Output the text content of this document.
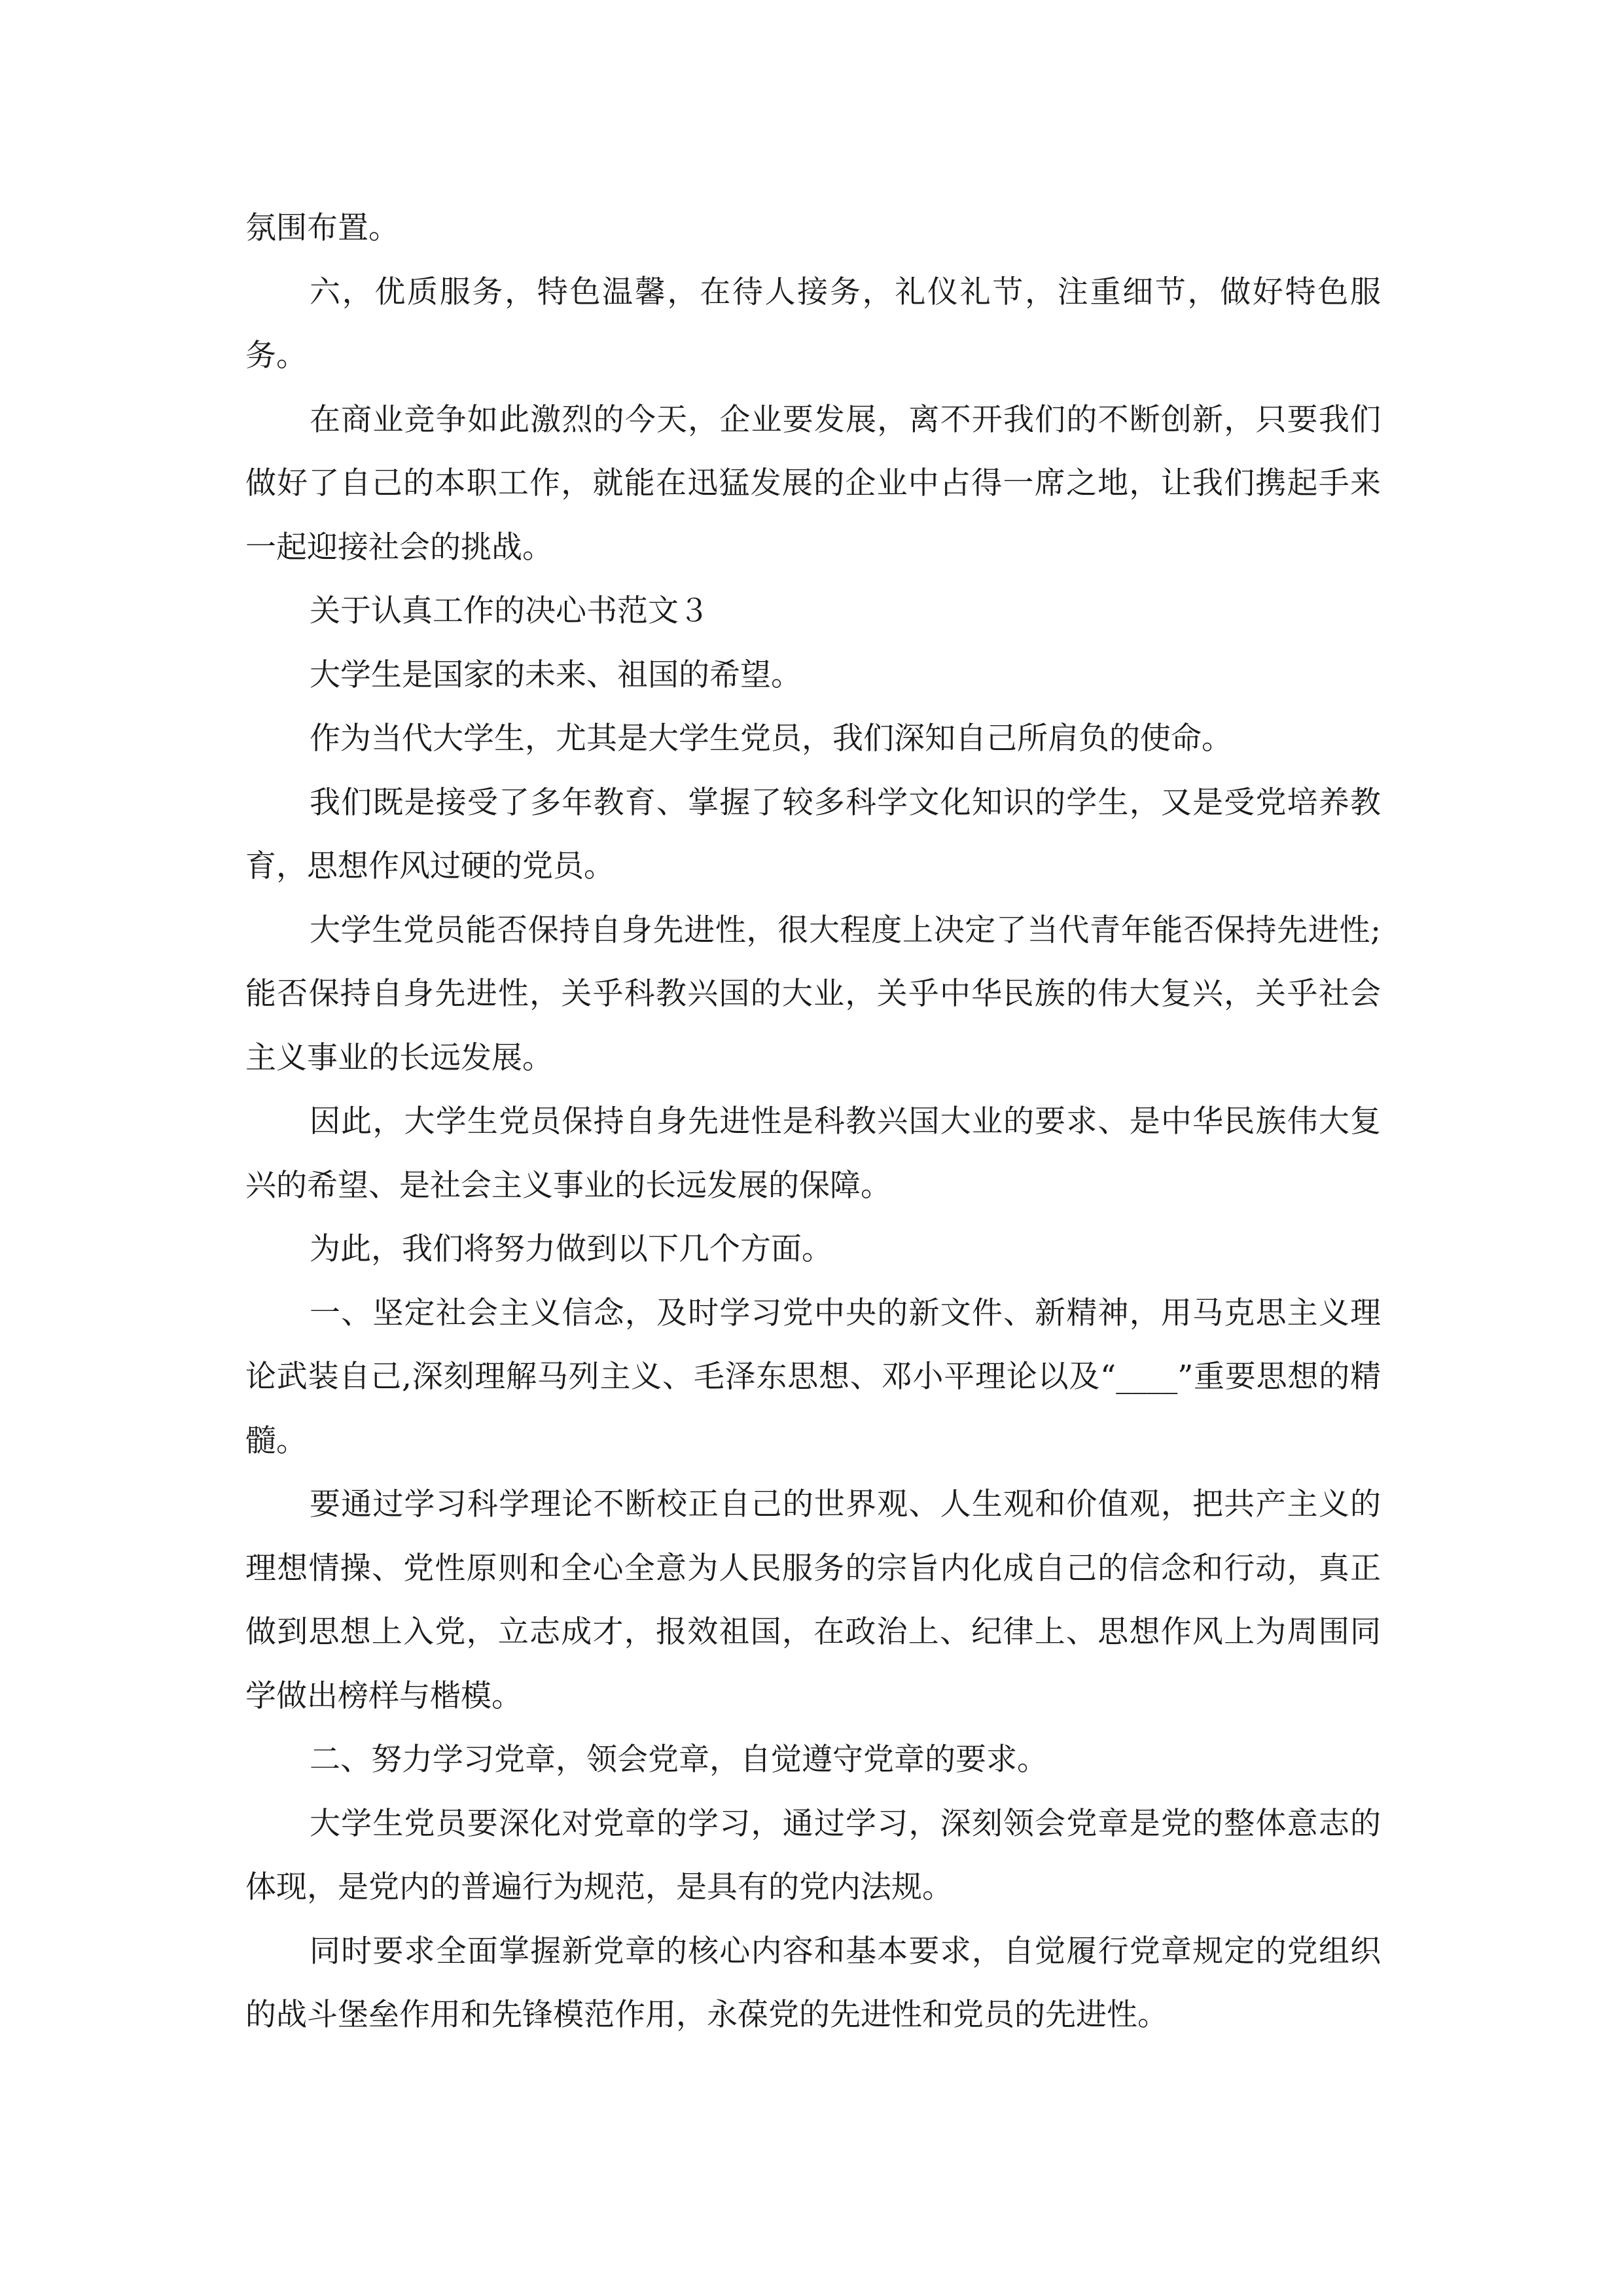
氛围布置。

六，优质服务，特色温馨，在待人接务，礼仪礼节，注重细节，做好特色服务。

在商业竞争如此激烈的今天，企业要发展，离不开我们的不断创新，只要我们做好了自己的本职工作，就能在迅猛发展的企业中占得一席之地，让我们携起手来一起迎接社会的挑战。

关于认真工作的决心书范文３

大学生是国家的未来、祖国的希望。

作为当代大学生，尤其是大学生党员，我们深知自己所肩负的使命。

我们既是接受了多年教育、掌握了较多科学文化知识的学生，又是受党培养教育，思想作风过硬的党员。

大学生党员能否保持自身先进性，很大程度上决定了当代青年能否保持先进性;能否保持自身先进性，关乎科教兴国的大业，关乎中华民族的伟大复兴，关乎社会主义事业的长远发展。

因此，大学生党员保持自身先进性是科教兴国大业的要求、是中华民族伟大复兴的希望、是社会主义事业的长远发展的保障。

为此，我们将努力做到以下几个方面。

一、坚定社会主义信念，及时学习党中央的新文件、新精神，用马克思主义理论武装自己,深刻理解马列主义、毛泽东思想、邓小平理论以及“____”重要思想的精髓。

要通过学习科学理论不断校正自己的世界观、人生观和价值观，把共产主义的理想情操、党性原则和全心全意为人民服务的宗旨内化成自己的信念和行动，真正做到思想上入党，立志成才，报效祖国，在政治上、纪律上、思想作风上为周围同学做出榜样与楷模。

二、努力学习党章，领会党章，自觉遵守党章的要求。

大学生党员要深化对党章的学习，通过学习，深刻领会党章是党的整体意志的体现，是党内的普遍行为规范，是具有的党内法规。

同时要求全面掌握新党章的核心内容和基本要求，自觉履行党章规定的党组织的战斗堡垒作用和先锋模范作用，永葆党的先进性和党员的先进性。
